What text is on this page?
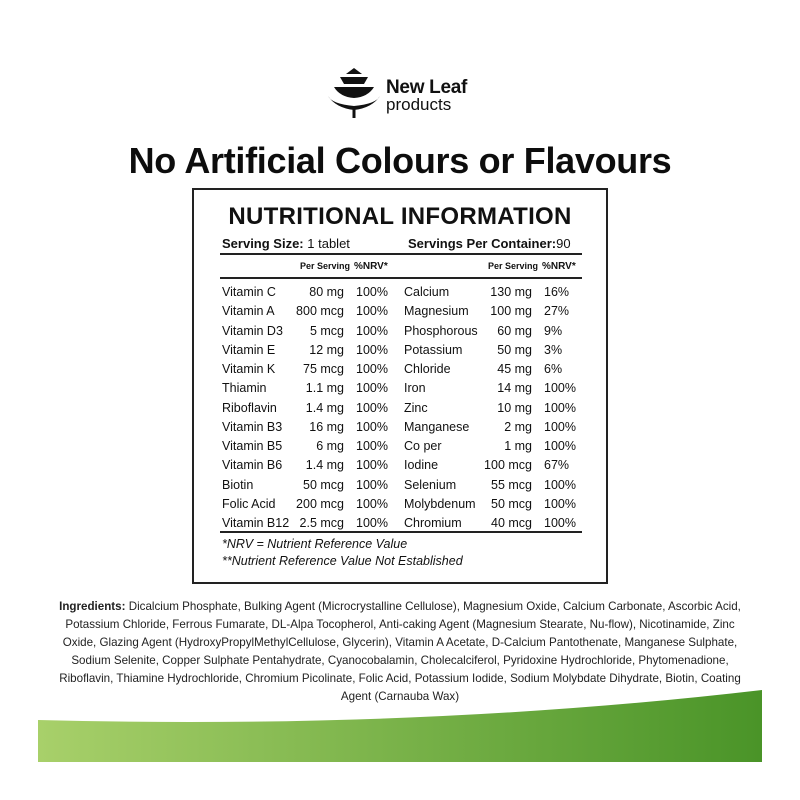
New Leaf
products
No Artificial Colours or Flavours
NUTRITIONAL INFORMATION
Serving Size: 1 tablet	Servings Per Container:90
Per Serving %NRV*	Per Serving %NRV*
Vitamin C	80 mg 100%
Vitamin A 800 mcg 100%
Vitamin D3 5 mcg 100%
Vitamin E	12 mg 100%
Vitamin K 75 mcg 100%
Thiamin	1.1 mg 100%
Riboflavin 1.4 mg 100%
Vitamin B3 16 mg 100%
Vitamin B5	6 mg 100%
Vitamin B6 1.4 mg 100%
Biotin	50 mcg 100%
Folic Acid 200 mcg 100%
Vitamin B12 2.5 mcg 100%
Calcium	130 mg 16%
Magnesium 100 mg 27%
Phosphorous 60 mg 9%
Potassium	50 mg 3%
Chloride	45 mg 6%
Iron	14 mg 100%
Zinc	10 mg 100%
Manganese	2 mg 100%
Co per	1 mg 100%
Iodine	100 mcg 67%
Selenium	55 mcg 100%
Molybdenum 50 mcg 100%
Chromium 40 mcg 100%
*NRV = Nutrient Reference Value
**Nutrient Reference Value Not Established
Ingredients: Dicalcium Phosphate, Bulking Agent (Microcrystalline Cellulose), Magnesium Oxide, Calcium Carbonate, Ascorbic Acid, Potassium Chloride, Ferrous Fumarate, DL-Alpa Tocopherol, Anti-caking Agent (Magnesium Stearate, Nu-flow), Nicotinamide, Zinc Oxide, Glazing Agent (HydroxyPropylMethylCellulose, Glycerin), Vitamin A Acetate, D-Calcium Pantothenate, Manganese Sulphate, Sodium Selenite, Copper Sulphate Pentahydrate, Cyanocobalamin, Cholecalciferol, Pyridoxine Hydrochloride, Phytomenadione, Riboflavin, Thiamine Hydrochloride, Chromium Picolinate, Folic Acid, Potassium Iodide, Sodium Molybdate Dihydrate, Biotin, Coating Agent (Carnauba Wax)
